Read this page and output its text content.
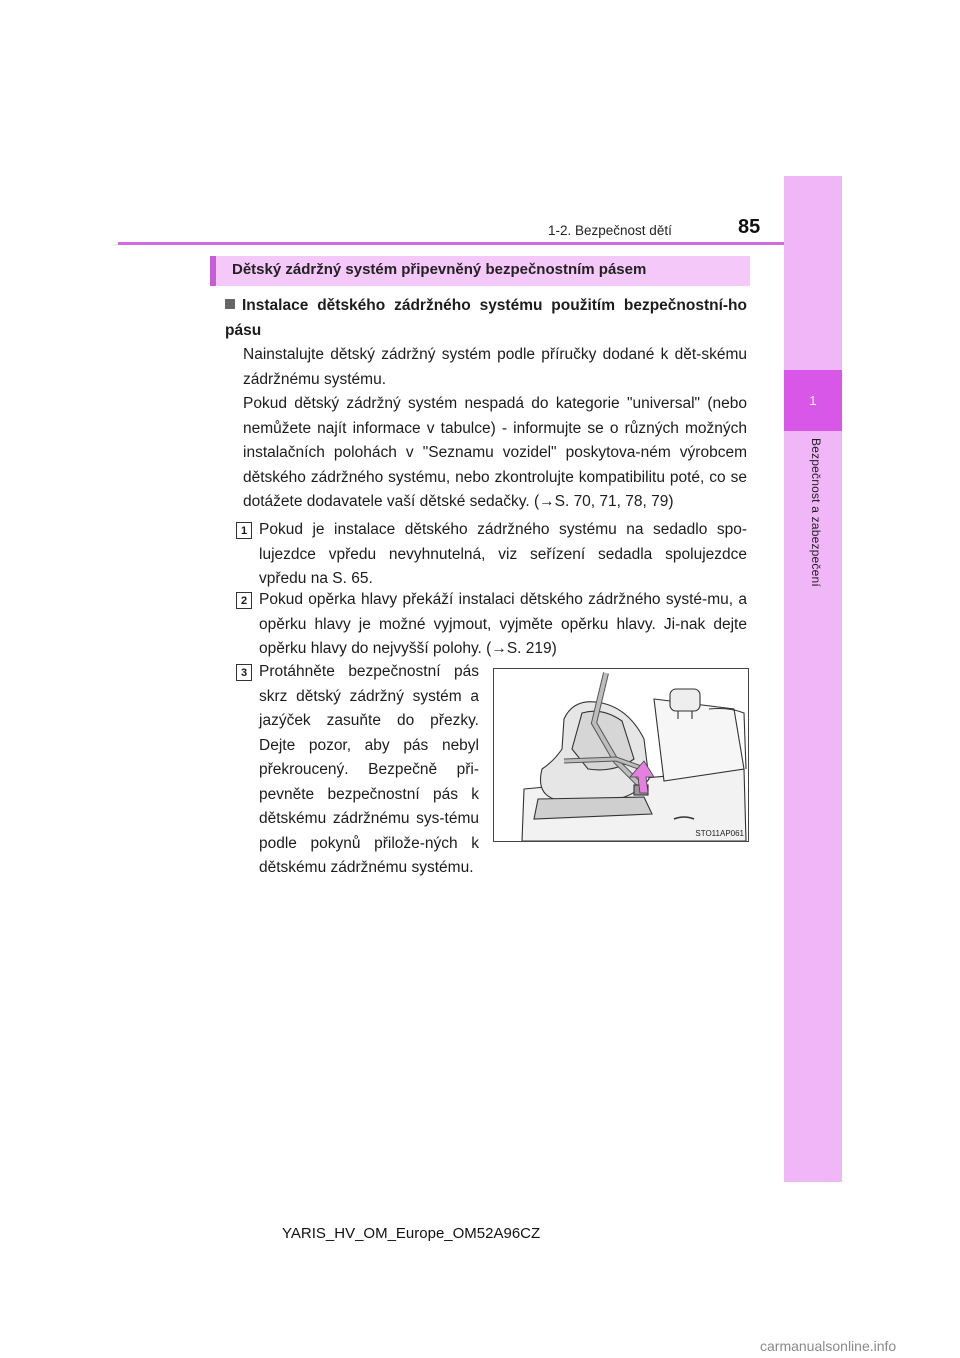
1
Bezpečnost a zabezpečení
1-2. Bezpečnost dětí	85
Dětský zádržný systém připevněný bezpečnostním pásem
Instalace dětského zádržného systému použitím bezpečnostní-ho pásu
Nainstalujte dětský zádržný systém podle příručky dodané k dět-skému zádržnému systému.
Pokud dětský zádržný systém nespadá do kategorie "universal" (nebo nemůžete najít informace v tabulce) - informujte se o různých možných instalačních polohách v "Seznamu vozidel" poskytova-ném výrobcem dětského zádržného systému, nebo zkontrolujte kompatibilitu poté, co se dotážete dodavatele vaší dětské sedačky. (→S. 70, 71, 78, 79)
1 Pokud je instalace dětského zádržného systému na sedadlo spo-lujezdce vpředu nevyhnutelná, viz seřízení sedadla spolujezdce vpředu na S. 65.
2 Pokud opěrka hlavy překáží instalaci dětského zádržného systé-mu, a opěrku hlavy je možné vyjmout, vyjměte opěrku hlavy. Ji-nak dejte opěrku hlavy do nejvyšší polohy. (→S. 219)
3 Protáhněte bezpečnostní pás skrz dětský zádržný systém a jazýček zasuňte do přezky. Dejte pozor, aby pás nebyl překroucený. Bezpečně při-pevněte bezpečnostní pás k dětskému zádržnému sys-tému podle pokynů přilože-ných k dětskému zádržnému systému.
STO11AP061
YARIS_HV_OM_Europe_OM52A96CZ
carmanualsonline.info
